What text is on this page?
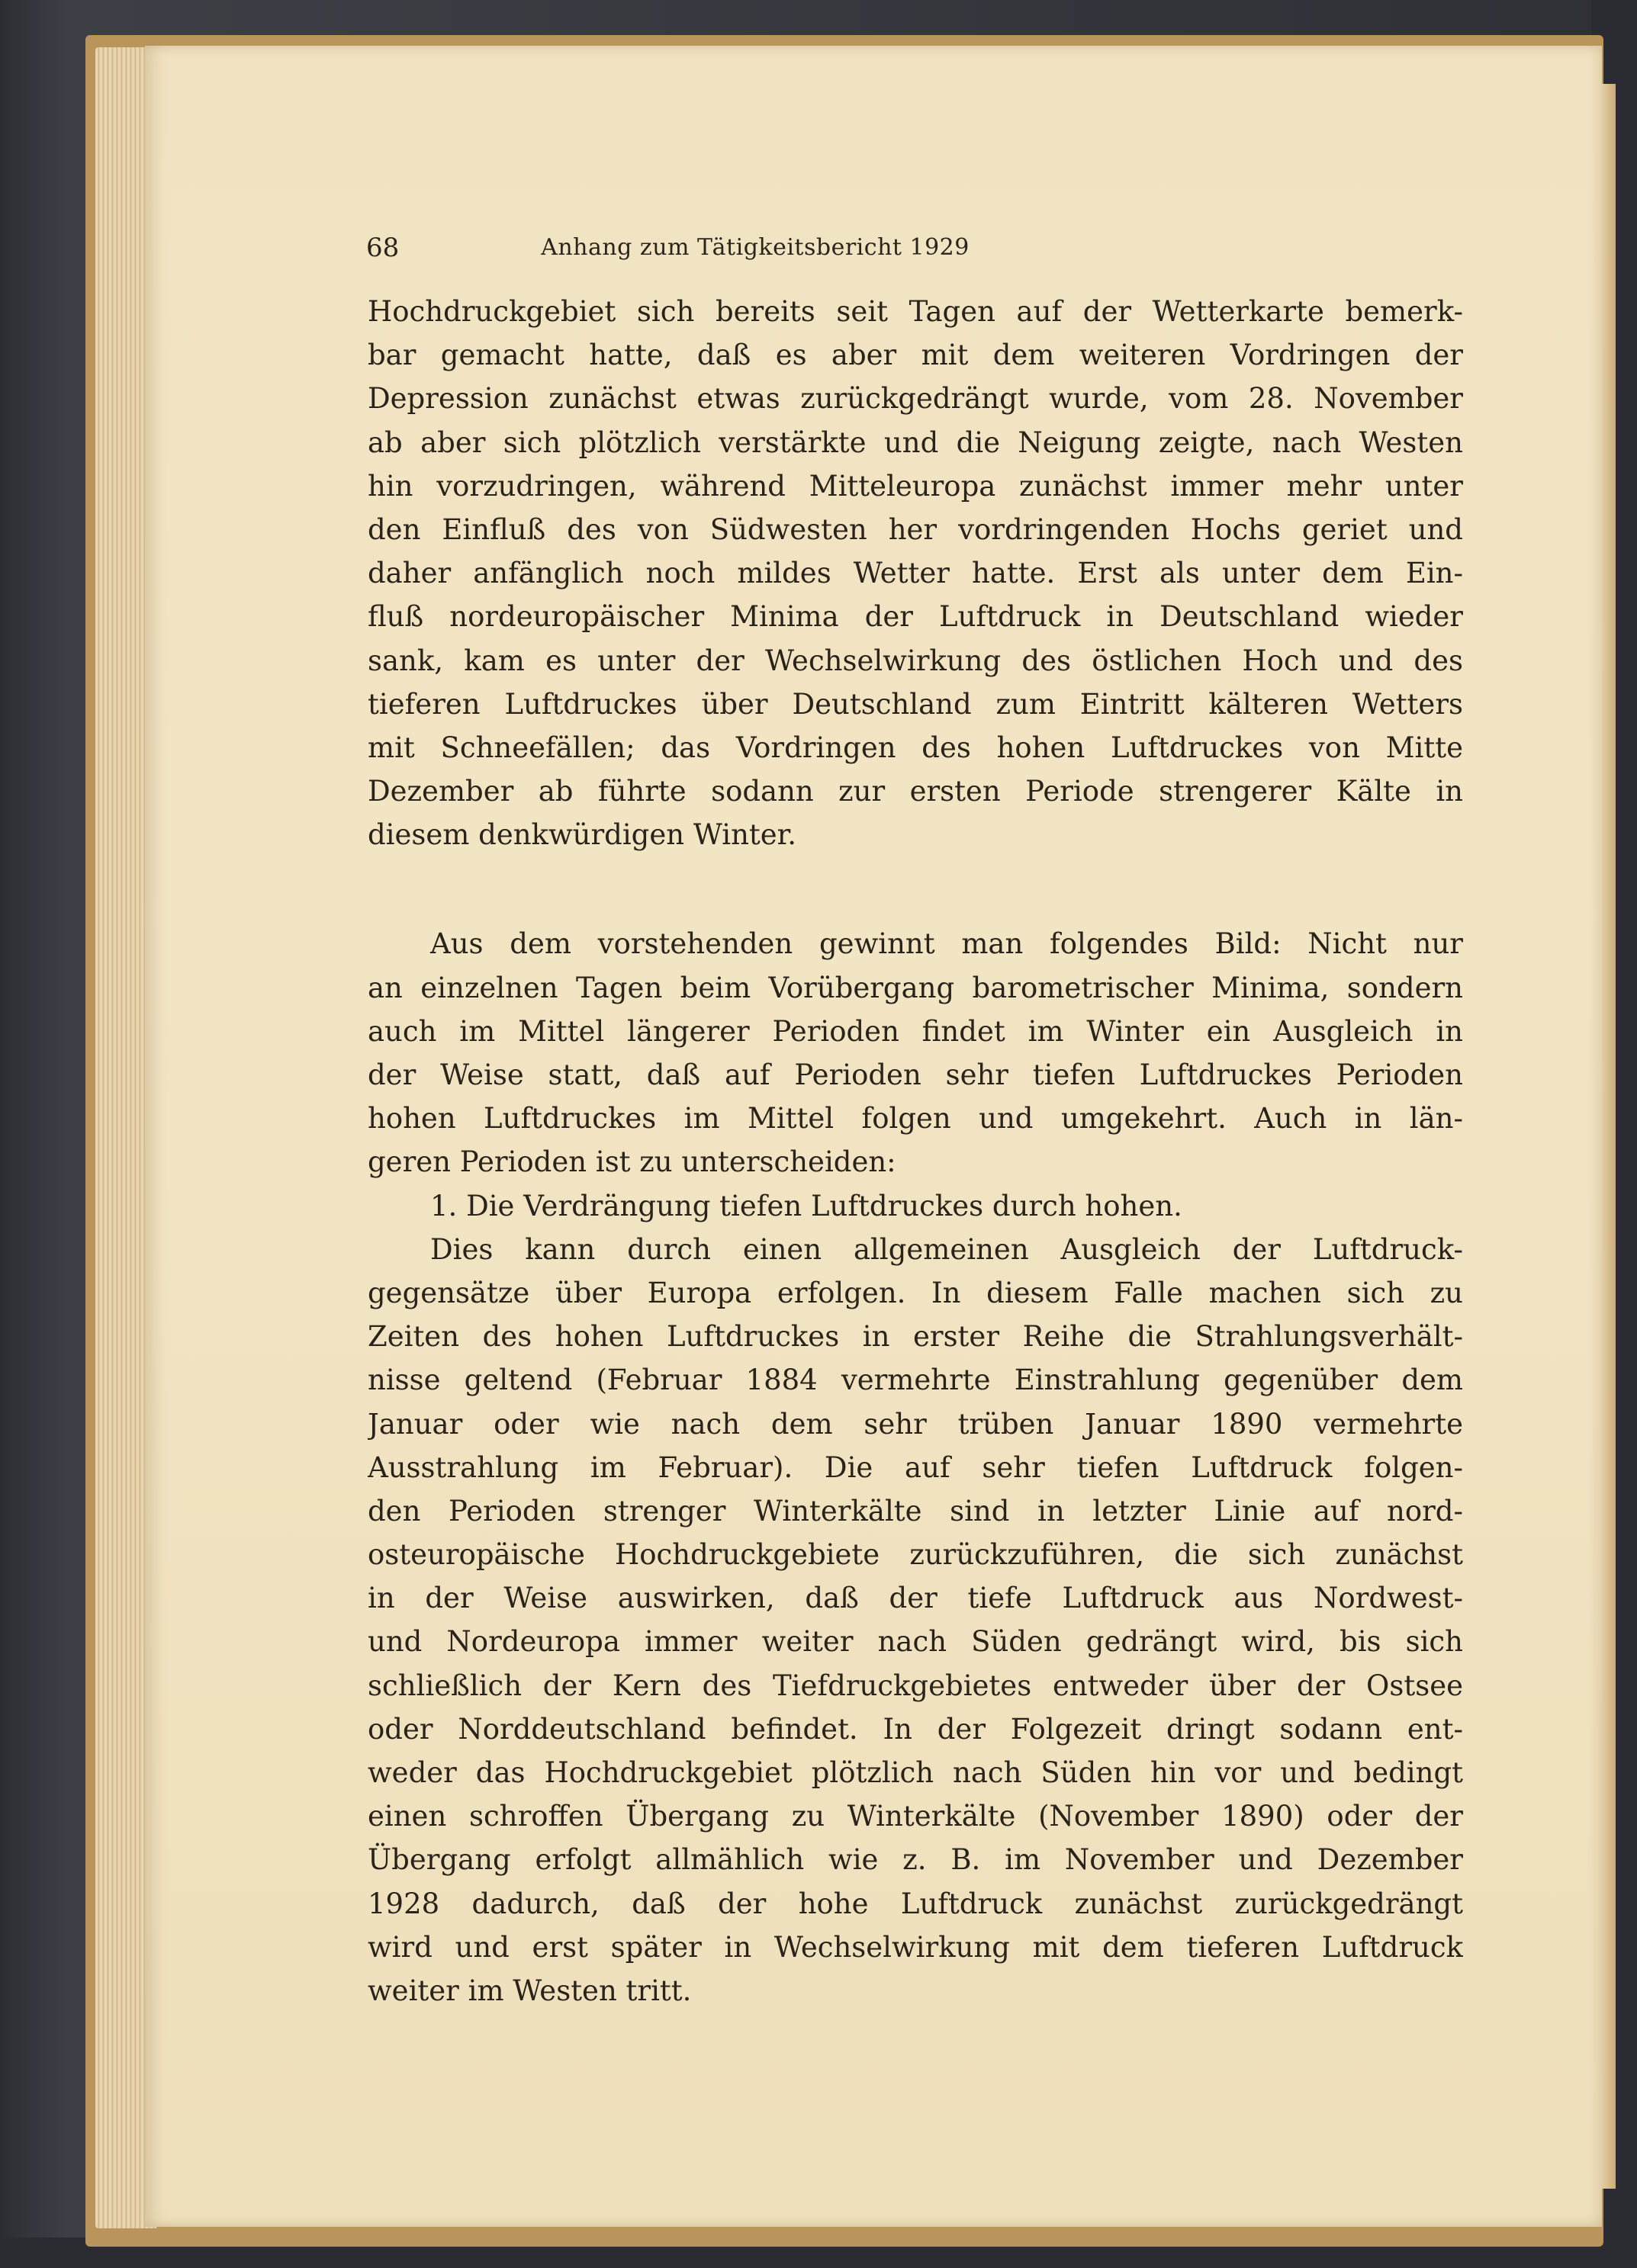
68	Anhang zum Tätigkeitsbericht 1929

Hochdruckgebiet sich bereits seit Tagen auf der Wetterkarte bemerk-
bar gemacht hatte, daß es aber mit dem weiteren Vordringen der
Depression zunächst etwas zurückgedrängt wurde, vom 28. November
ab aber sich plötzlich verstärkte und die Neigung zeigte, nach Westen
hin vorzudringen, während Mitteleuropa zunächst immer mehr unter
den Einfluß des von Südwesten her vordringenden Hochs geriet und
daher anfänglich noch mildes Wetter hatte. Erst als unter dem Ein-
fluß nordeuropäischer Minima der Luftdruck in Deutschland wieder
sank, kam es unter der Wechselwirkung des östlichen Hoch und des
tieferen Luftdruckes über Deutschland zum Eintritt kälteren Wetters
mit Schneefällen; das Vordringen des hohen Luftdruckes von Mitte
Dezember ab führte sodann zur ersten Periode strengerer Kälte in
diesem denkwürdigen Winter.

Aus dem vorstehenden gewinnt man folgendes Bild: Nicht nur
an einzelnen Tagen beim Vorübergang barometrischer Minima, sondern
auch im Mittel längerer Perioden findet im Winter ein Ausgleich in
der Weise statt, daß auf Perioden sehr tiefen Luftdruckes Perioden
hohen Luftdruckes im Mittel folgen und umgekehrt. Auch in län-
geren Perioden ist zu unterscheiden:

1. Die Verdrängung tiefen Luftdruckes durch hohen.

Dies kann durch einen allgemeinen Ausgleich der Luftdruck-
gegensätze über Europa erfolgen. In diesem Falle machen sich zu
Zeiten des hohen Luftdruckes in erster Reihe die Strahlungsverhält-
nisse geltend (Februar 1884 vermehrte Einstrahlung gegenüber dem
Januar oder wie nach dem sehr trüben Januar 1890 vermehrte
Ausstrahlung im Februar). Die auf sehr tiefen Luftdruck folgen-
den Perioden strenger Winterkälte sind in letzter Linie auf nord-
osteuropäische Hochdruckgebiete zurückzuführen, die sich zunächst
in der Weise auswirken, daß der tiefe Luftdruck aus Nordwest-
und Nordeuropa immer weiter nach Süden gedrängt wird, bis sich
schließlich der Kern des Tiefdruckgebietes entweder über der Ostsee
oder Norddeutschland befindet. In der Folgezeit dringt sodann ent-
weder das Hochdruckgebiet plötzlich nach Süden hin vor und bedingt
einen schroffen Übergang zu Winterkälte (November 1890) oder der
Übergang erfolgt allmählich wie z. B. im November und Dezember
1928 dadurch, daß der hohe Luftdruck zunächst zurückgedrängt
wird und erst später in Wechselwirkung mit dem tieferen Luftdruck
weiter im Westen tritt.
